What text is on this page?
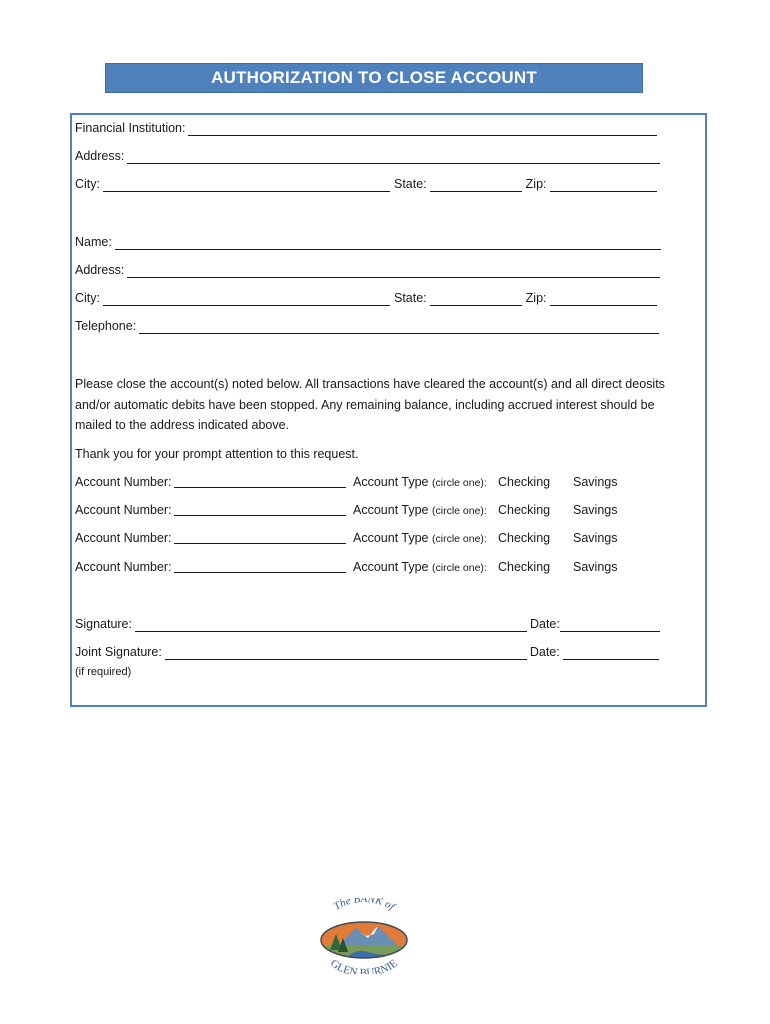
AUTHORIZATION TO CLOSE ACCOUNT
Financial Institution:
Address:
City:	State:	Zip:
Name:
Address:
City:	State:	Zip:
Telephone:
Please close the account(s) noted below. All transactions have cleared the account(s) and all direct deosits and/or automatic debits have been stopped. Any remaining balance, including accrued interest should be mailed to the address indicated above.
Thank you for your prompt attention to this request.
Account Number:	Account Type (circle one): Checking Savings
Account Number:	Account Type (circle one): Checking Savings
Account Number:	Account Type (circle one): Checking Savings
Account Number:	Account Type (circle one): Checking Savings
Signature:	Date:
Joint Signature:	Date:
(if required)
The BANK of
GLEN BURNIE
